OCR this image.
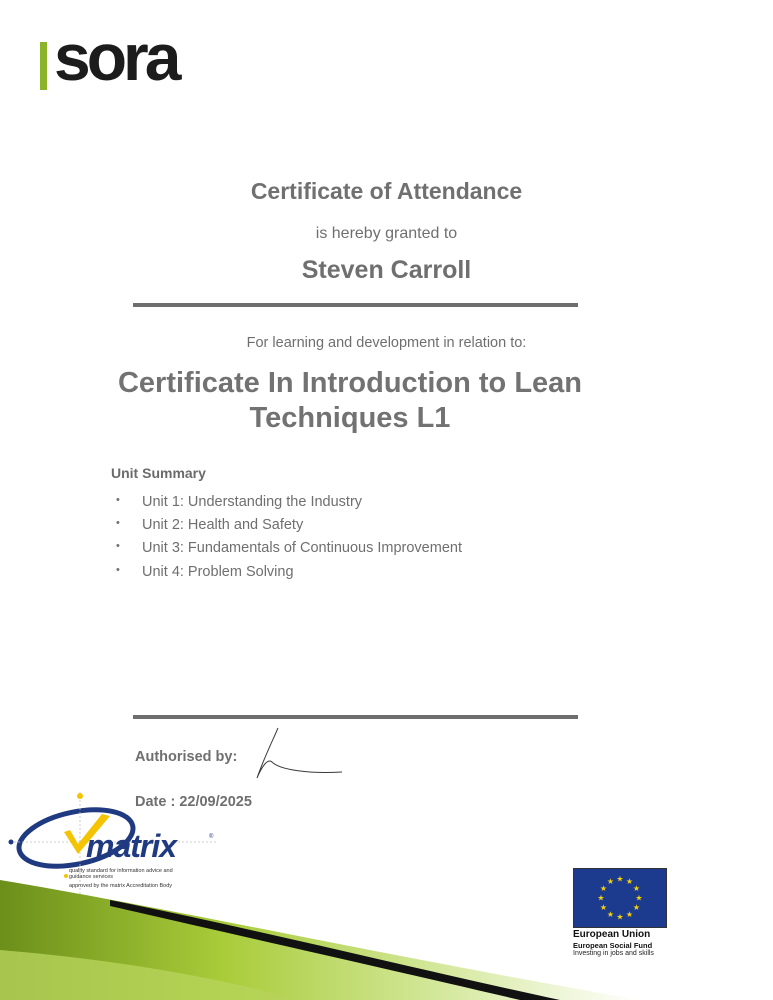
sora
Certificate of Attendance
is hereby granted to
Steven Carroll
For learning and development in relation to:
Certificate In Introduction to Lean
Techniques L1
Unit Summary
• Unit 1: Understanding the Industry
• Unit 2: Health and Safety
• Unit 3: Fundamentals of Continuous Improvement
• Unit 4: Problem Solving
Authorised by:
Date : 22/09/2025
matrix	®
quality standard for information advice and guidance services
approved by the matrix Accreditation Body
★ ★
★
★
★
★
★
★
★
★
★
★
European Union
European Social Fund
Investing in jobs and skills
